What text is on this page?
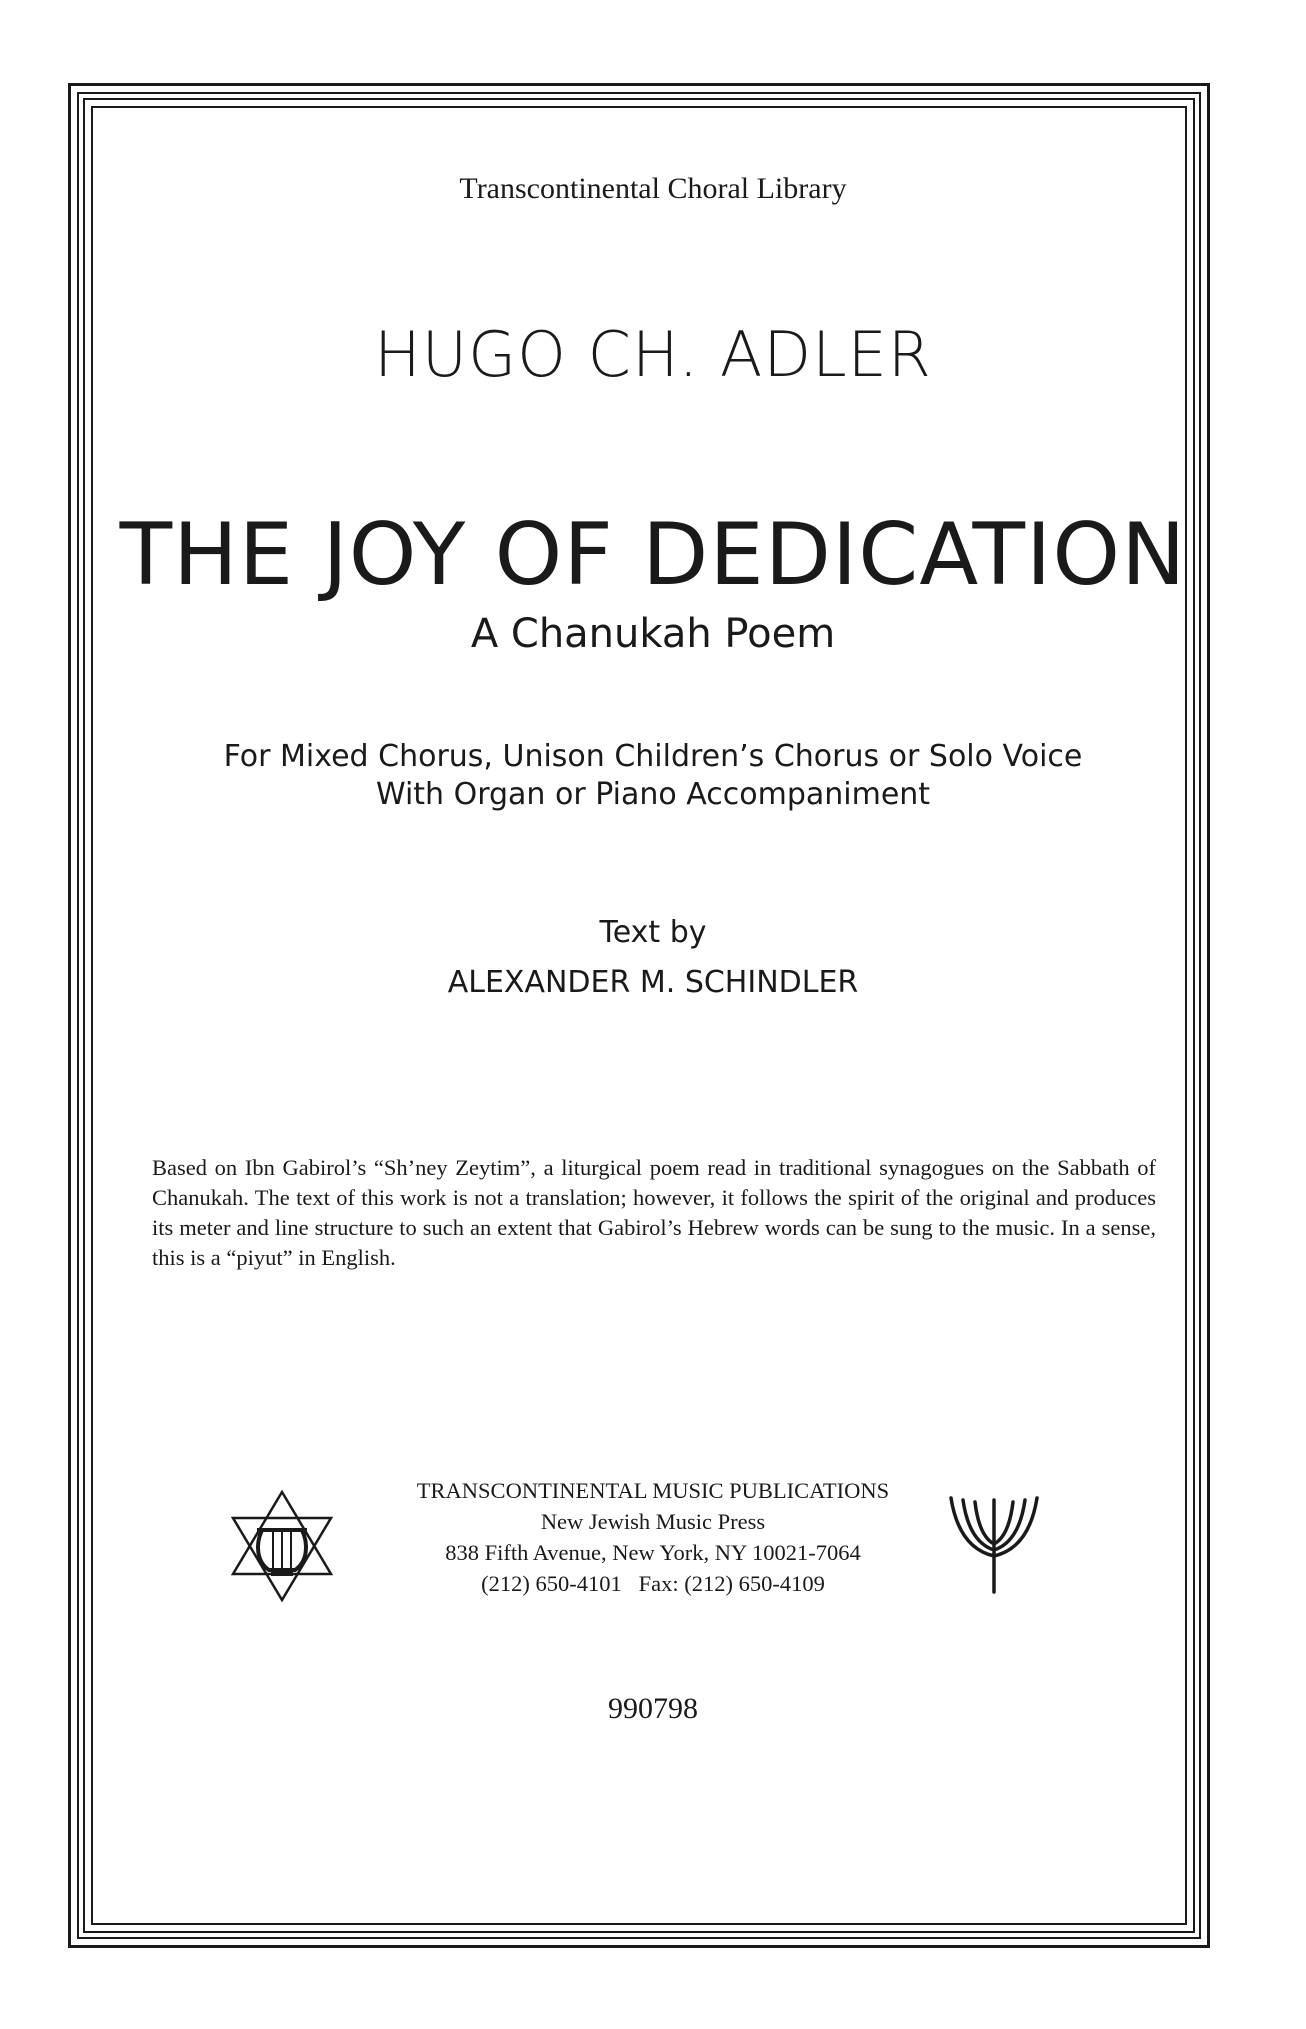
Transcontinental Choral Library
HUGO CH. ADLER
THE JOY OF DEDICATION
A Chanukah Poem
For Mixed Chorus, Unison Children’s Chorus or Solo Voice
With Organ or Piano Accompaniment
Text by
ALEXANDER M. SCHINDLER
Based on Ibn Gabirol’s “Sh’ney Zeytim”, a liturgical poem read in traditional synagogues on the Sabbath of Chanukah. The text of this work is not a translation; however, it follows the spirit of the original and produces its meter and line structure to such an extent that Gabirol’s Hebrew words can be sung to the music. In a sense, this is a “piyut” in English.
TRANSCONTINENTAL MUSIC PUBLICATIONS
New Jewish Music Press
838 Fifth Avenue, New York, NY 10021-7064
(212) 650-4101   Fax: (212) 650-4109
990798
